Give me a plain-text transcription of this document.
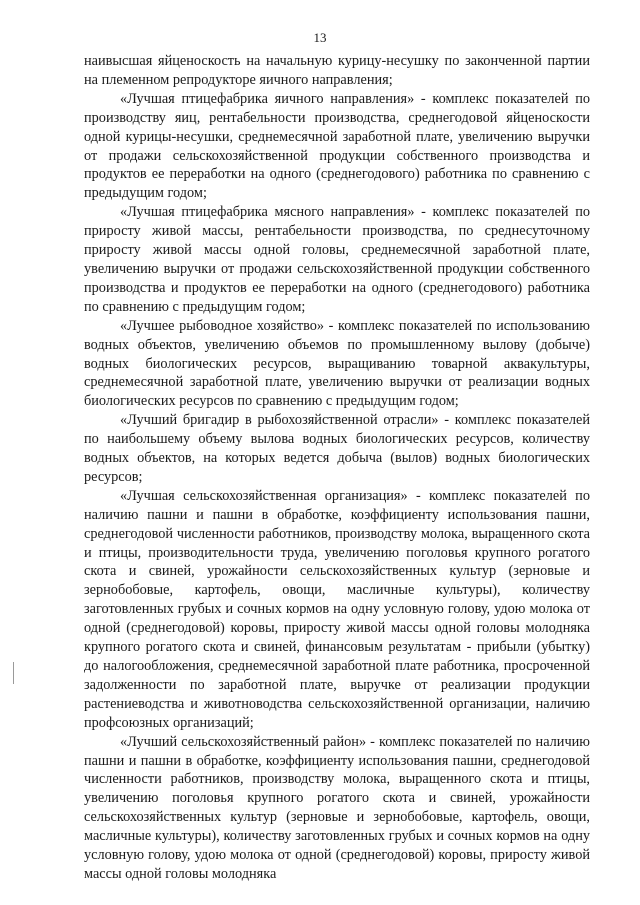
13

наивысшая яйценоскость на начальную курицу-несушку по законченной партии на племенном репродукторе яичного направления;

«Лучшая птицефабрика яичного направления» - комплекс показателей по производству яиц, рентабельности производства, среднегодовой яйценоскости одной курицы-несушки, среднемесячной заработной плате, увеличению выручки от продажи сельскохозяйственной продукции собственного производства и продуктов ее переработки на одного (среднегодового) работника по сравнению с предыдущим годом;

«Лучшая птицефабрика мясного направления» - комплекс показателей по приросту живой массы, рентабельности производства, по среднесуточному приросту живой массы одной головы, среднемесячной заработной плате, увеличению выручки от продажи сельскохозяйственной продукции собственного производства и продуктов ее переработки на одного (среднегодового) работника по сравнению с предыдущим годом;

«Лучшее рыбоводное хозяйство» - комплекс показателей по использованию водных объектов, увеличению объемов по промышленному вылову (добыче) водных биологических ресурсов, выращиванию товарной аквакультуры, среднемесячной заработной плате, увеличению выручки от реализации водных биологических ресурсов по сравнению с предыдущим годом;

«Лучший бригадир в рыбохозяйственной отрасли» - комплекс показателей по наибольшему объему вылова водных биологических ресурсов, количеству водных объектов, на которых ведется добыча (вылов) водных биологических ресурсов;

«Лучшая сельскохозяйственная организация» - комплекс показателей по наличию пашни и пашни в обработке, коэффициенту использования пашни, среднегодовой численности работников, производству молока, выращенного скота и птицы, производительности труда, увеличению поголовья крупного рогатого скота и свиней, урожайности сельскохозяйственных культур (зерновые и зернобобовые, картофель, овощи, масличные культуры), количеству заготовленных грубых и сочных кормов на одну условную голову, удою молока от одной (среднегодовой) коровы, приросту живой массы одной головы молодняка крупного рогатого скота и свиней, финансовым результатам - прибыли (убытку) до налогообложения, среднемесячной заработной плате работника, просроченной задолженности по заработной плате, выручке от реализации продукции растениеводства и животноводства сельскохозяйственной организации, наличию профсоюзных организаций;

«Лучший сельскохозяйственный район» - комплекс показателей по наличию пашни и пашни в обработке, коэффициенту использования пашни, среднегодовой численности работников, производству молока, выращенного скота и птицы, увеличению поголовья крупного рогатого скота и свиней, урожайности сельскохозяйственных культур (зерновые и зернобобовые, картофель, овощи, масличные культуры), количеству заготовленных грубых и сочных кормов на одну условную голову, удою молока от одной (среднегодовой) коровы, приросту живой массы одной головы молодняка
